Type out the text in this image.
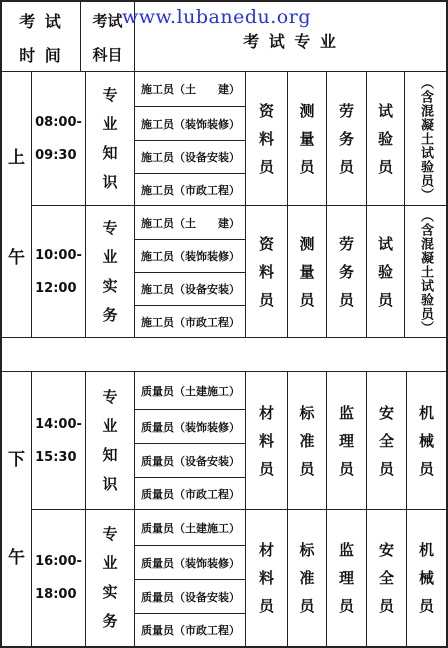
考 试
时 间
考试
科目
考 试 专 业
www.lubanedu.org
上
午
08:00-
09:30
专
业
知
识
施工员（土　　建）
施工员（装饰装修）
施工员（设备安装）
施工员（市政工程）
资
料
员
测
量
员
劳
务
员
试
验
员 （含混凝土试验员）
10:00-
12:00
专
业
实
务
施工员（土　　建）
施工员（装饰装修）
施工员（设备安装）
施工员（市政工程）
资
料
员
测
量
员
劳
务
员
试
验
员 （含混凝土试验员）
下
午
14:00-
15:30
专
业
知
识
质量员（土建施工）
质量员（装饰装修）
质量员（设备安装）
质量员（市政工程）
材
料
员
标
准
员
监
理
员
安
全
员
机
械
员
16:00-
18:00
专
业
实
务
质量员（土建施工）
质量员（装饰装修）
质量员（设备安装）
质量员（市政工程）
材
料
员
标
准
员
监
理
员
安
全
员
机
械
员
